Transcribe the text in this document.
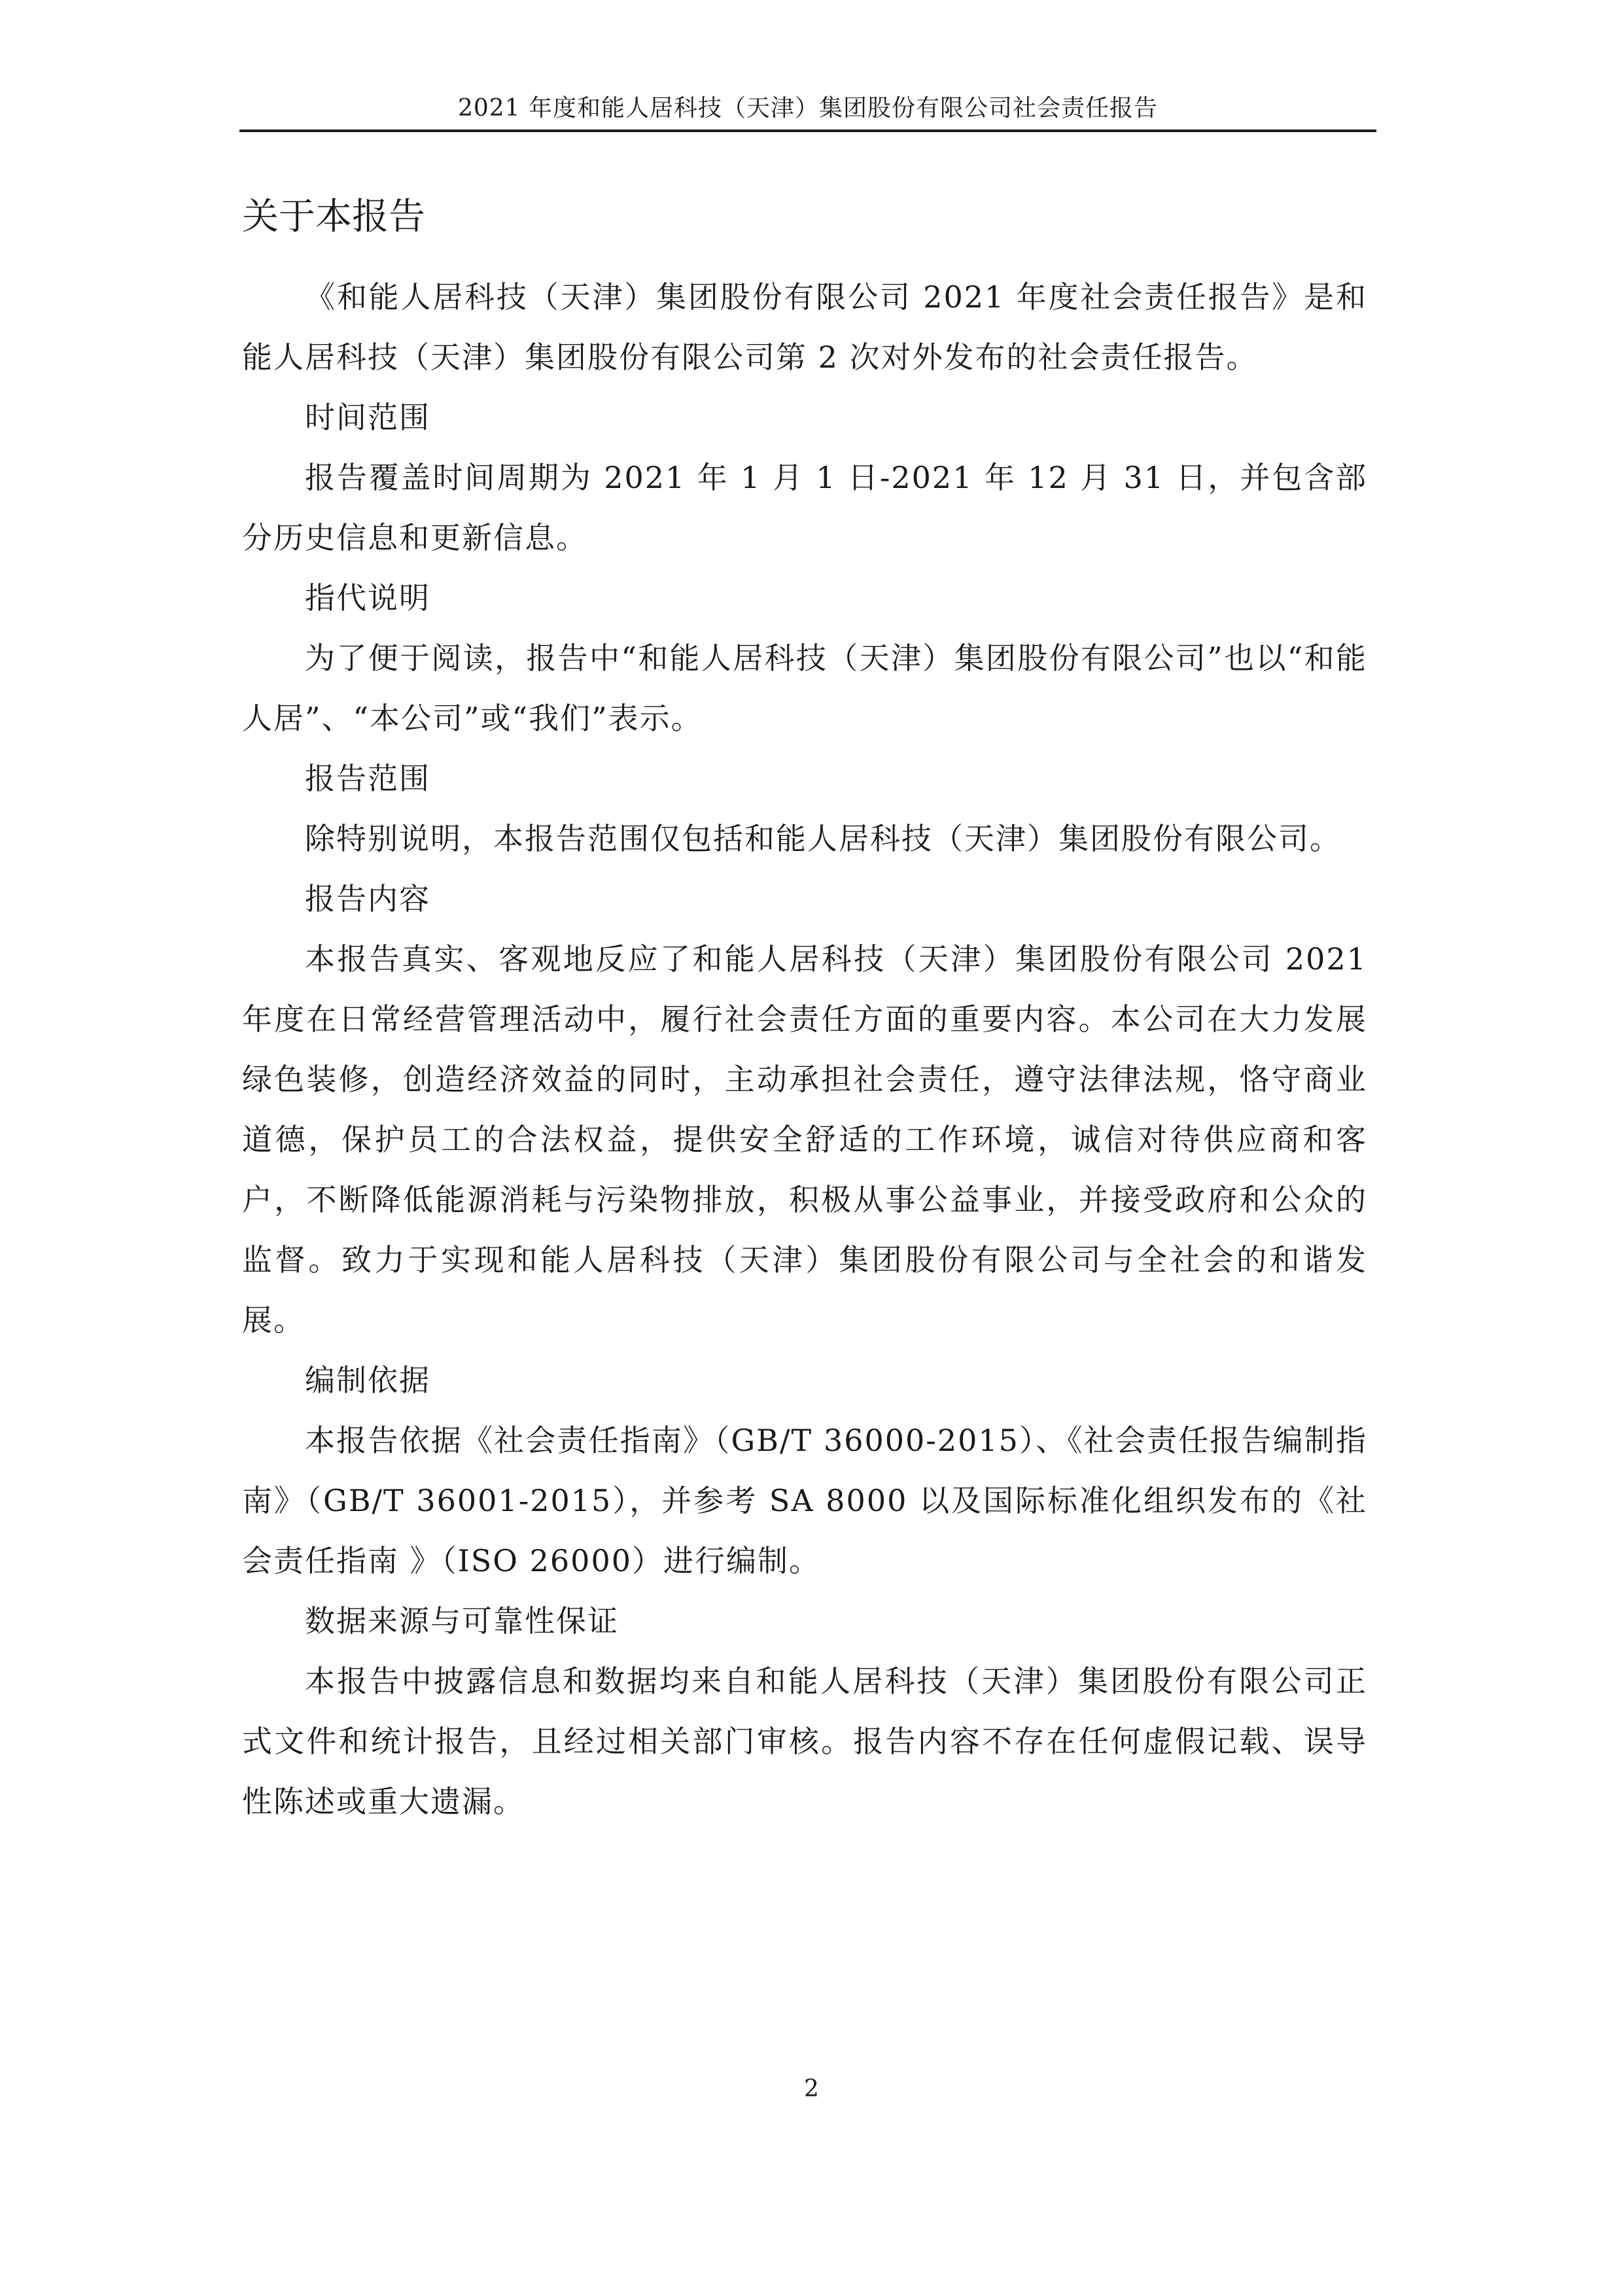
2021 年度和能人居科技（天津）集团股份有限公司社会责任报告
关于本报告

《和能人居科技（天津）集团股份有限公司 2021 年度社会责任报告》是和能人居科技（天津）集团股份有限公司第 2 次对外发布的社会责任报告。

时间范围

报告覆盖时间周期为 2021 年 1 月 1 日-2021 年 12 月 31 日，并包含部分历史信息和更新信息。

指代说明

为了便于阅读，报告中“和能人居科技（天津）集团股份有限公司”也以“和能人居”、“本公司”或“我们”表示。

报告范围

除特别说明，本报告范围仅包括和能人居科技（天津）集团股份有限公司。

报告内容

本报告真实、客观地反应了和能人居科技（天津）集团股份有限公司 2021 年度在日常经营管理活动中，履行社会责任方面的重要内容。本公司在大力发展绿色装修，创造经济效益的同时，主动承担社会责任，遵守法律法规，恪守商业道德，保护员工的合法权益，提供安全舒适的工作环境，诚信对待供应商和客户，不断降低能源消耗与污染物排放，积极从事公益事业，并接受政府和公众的监督。致力于实现和能人居科技（天津）集团股份有限公司与全社会的和谐发展。

编制依据

本报告依据《社会责任指南》（GB/T 36000-2015）、《社会责任报告编制指南》（GB/T 36001-2015），并参考 SA 8000 以及国际标准化组织发布的《社会责任指南 》（ISO 26000）进行编制。

数据来源与可靠性保证

本报告中披露信息和数据均来自和能人居科技（天津）集团股份有限公司正式文件和统计报告，且经过相关部门审核。报告内容不存在任何虚假记载、误导性陈述或重大遗漏。

2
